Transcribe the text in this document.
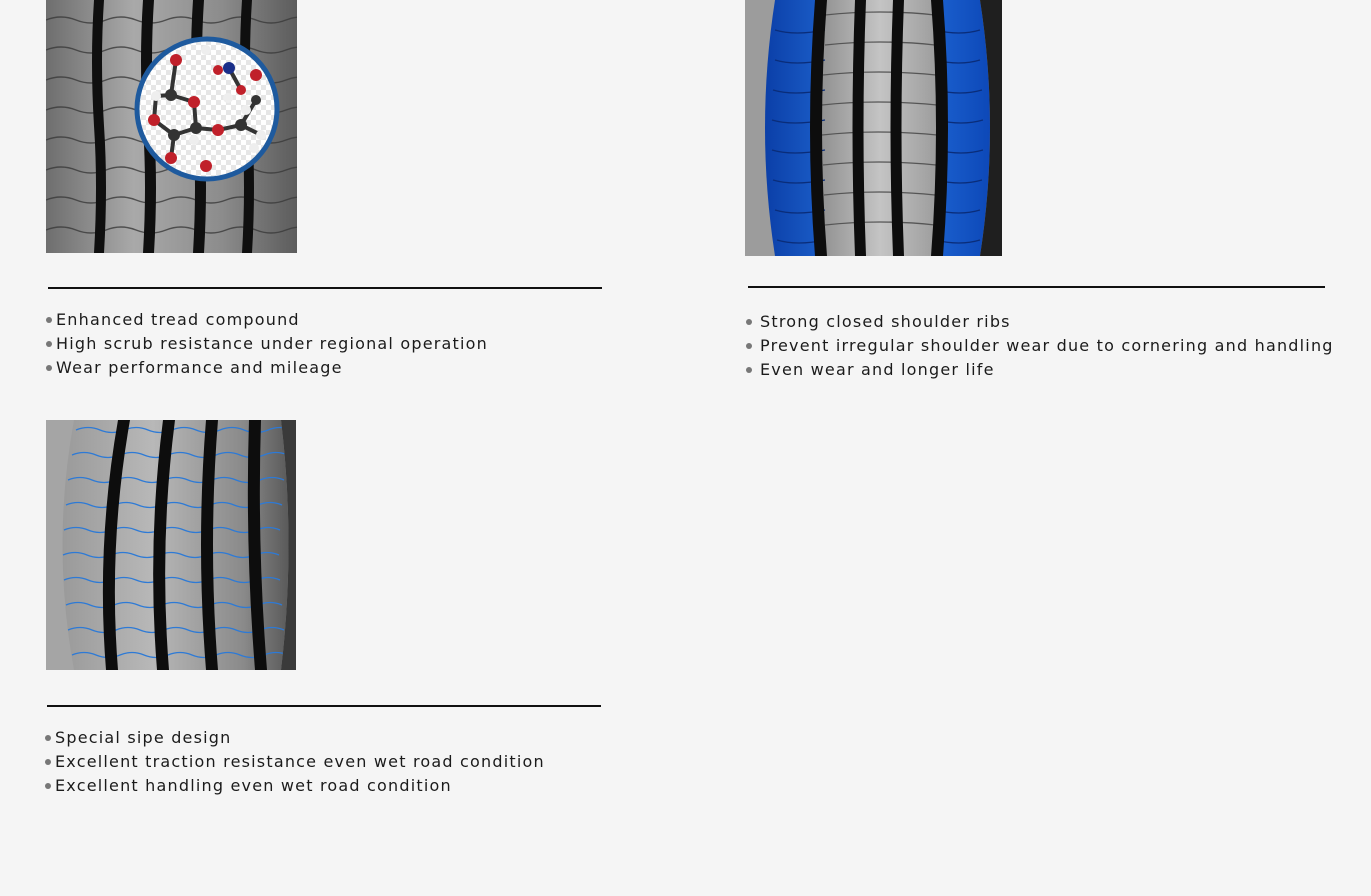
Enhanced tread compound
High scrub resistance under regional operation
Wear performance and mileage
Strong closed shoulder ribs
Prevent irregular shoulder wear due to cornering and handling
Even wear and longer life
Special sipe design
Excellent traction resistance even wet road condition
Excellent handling even wet road condition
